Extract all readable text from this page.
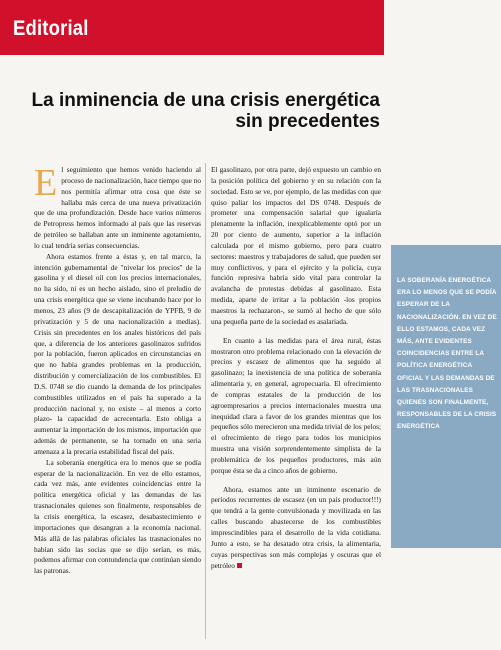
Editorial
La inminencia de una crisis energética
sin precedentes

El seguimiento que hemos venido haciendo al proceso de nacionalización, hace tiempo que no nos permitía afirmar otra cosa que éste se hallaba más cerca de una nueva privatización que de una profundización. Desde hace varios números de Petropress hemos informado al país que las reservas de petróleo se hallaban ante un inminente agotamiento, lo cual tendría serias consecuencias.

Ahora estamos frente a éstas y, en tal marco, la intención gubernamental de "nivelar los precios" de la gasolina y el diesel oil con los precios internacionales, no ha sido, ni es un hecho aislado, sino el preludio de una crisis energética que se viene incubando hace por lo menos, 23 años (9 de descapitalización de YPFB, 9 de privatización y 5 de una nacionalización a medias). Crisis sin precedentes en los anales históricos del país que, a diferencia de los anteriores gasolinazos sufridos por la población, fueron aplicados en circunstancias en que no había grandes problemas en la producción, distribución y comercialización de los combustibles. El D.S. 0748 se dio cuando la demanda de los principales combustibles utilizados en el país ha superado a la producción nacional y, no existe – al menos a corto plazo- la capacidad de acrecentarla. Esto obliga a aumentar la importación de los mismos, importación que además de permanente, se ha tornado en una seria amenaza a la precaria estabilidad fiscal del país.

La soberanía energética era lo menos que se podía esperar de la nacionalización. En vez de ello estamos, cada vez más, ante evidentes coincidencias entre la política energética oficial y las demandas de las trasnacionales quienes son finalmente, responsables de la crisis energética, la escasez, desabastecimiento e importaciones que desangran a la economía nacional. Más allá de las palabras oficiales las trasnacionales no habían sido las socias que se dijo serían, es más, podemos afirmar con contundencia que continúan siendo las patronas.

El gasolinazo, por otra parte, dejó expuesto un cambio en la posición política del gobierno y en su relación con la sociedad. Esto se ve, por ejemplo, de las medidas con que quiso paliar los impactos del DS 0748. Después de prometer una compensación salarial que igualaría plenamente la inflación, inexplicablemente optó por un 20 por ciento de aumento, superior a la inflación calculada por el mismo gobierno, pero para cuatro sectores: maestros y trabajadores de salud, que pueden ser muy conflictivos, y para el ejército y la policía, cuya función represiva habría sido vital para controlar la avalancha de protestas debidas al gasolinazo. Esta medida, aparte de irritar a la población -los propios maestros la rechazaron-, se sumó al hecho de que sólo una pequeña parte de la sociedad es asalariada.

En cuanto a las medidas para el área rural, éstas mostraron otro problema relacionado con la elevación de precios y escasez de alimentos que ha seguido al gasolinazo; la inexistencia de una política de soberanía alimentaria y, en general, agropecuaria. El ofrecimiento de compras estatales de la producción de los agroempresarios a precios internacionales muestra una inequidad clara a favor de los grandes mientras que los pequeños sólo merecieron una medida trivial de los pelos; el ofrecimiento de riego para todos los municipios muestra una visión sorprendentemente simplista de la problemática de los pequeños productores, más aún porque ésta se da a cinco años de gobierno.

Ahora, estamos ante un inminente escenario de períodos recurrentes de escasez (en un país productor!!!) que tendrá a la gente convulsionada y movilizada en las calles buscando abastecerse de los combustibles imprescindibles para el desarrollo de la vida cotidiana. Junto a esto, se ha desatado otra crisis, la alimentaria, cuyas perspectivas son más complejas y oscuras que el petróleo

LA SOBERANÍA ENERGÉTICA ERA LO MENOS QUE SE PODÍA ESPERAR DE LA NACIONALIZACIÓN. EN VEZ DE ELLO ESTAMOS, CADA VEZ MÁS, ANTE EVIDENTES COINCIDENCIAS ENTRE LA POLÍTICA ENERGÉTICA OFICIAL Y LAS DEMANDAS DE LAS TRASNACIONALES QUIENES SON FINALMENTE, RESPONSABLES DE LA CRISIS ENERGÉTICA
